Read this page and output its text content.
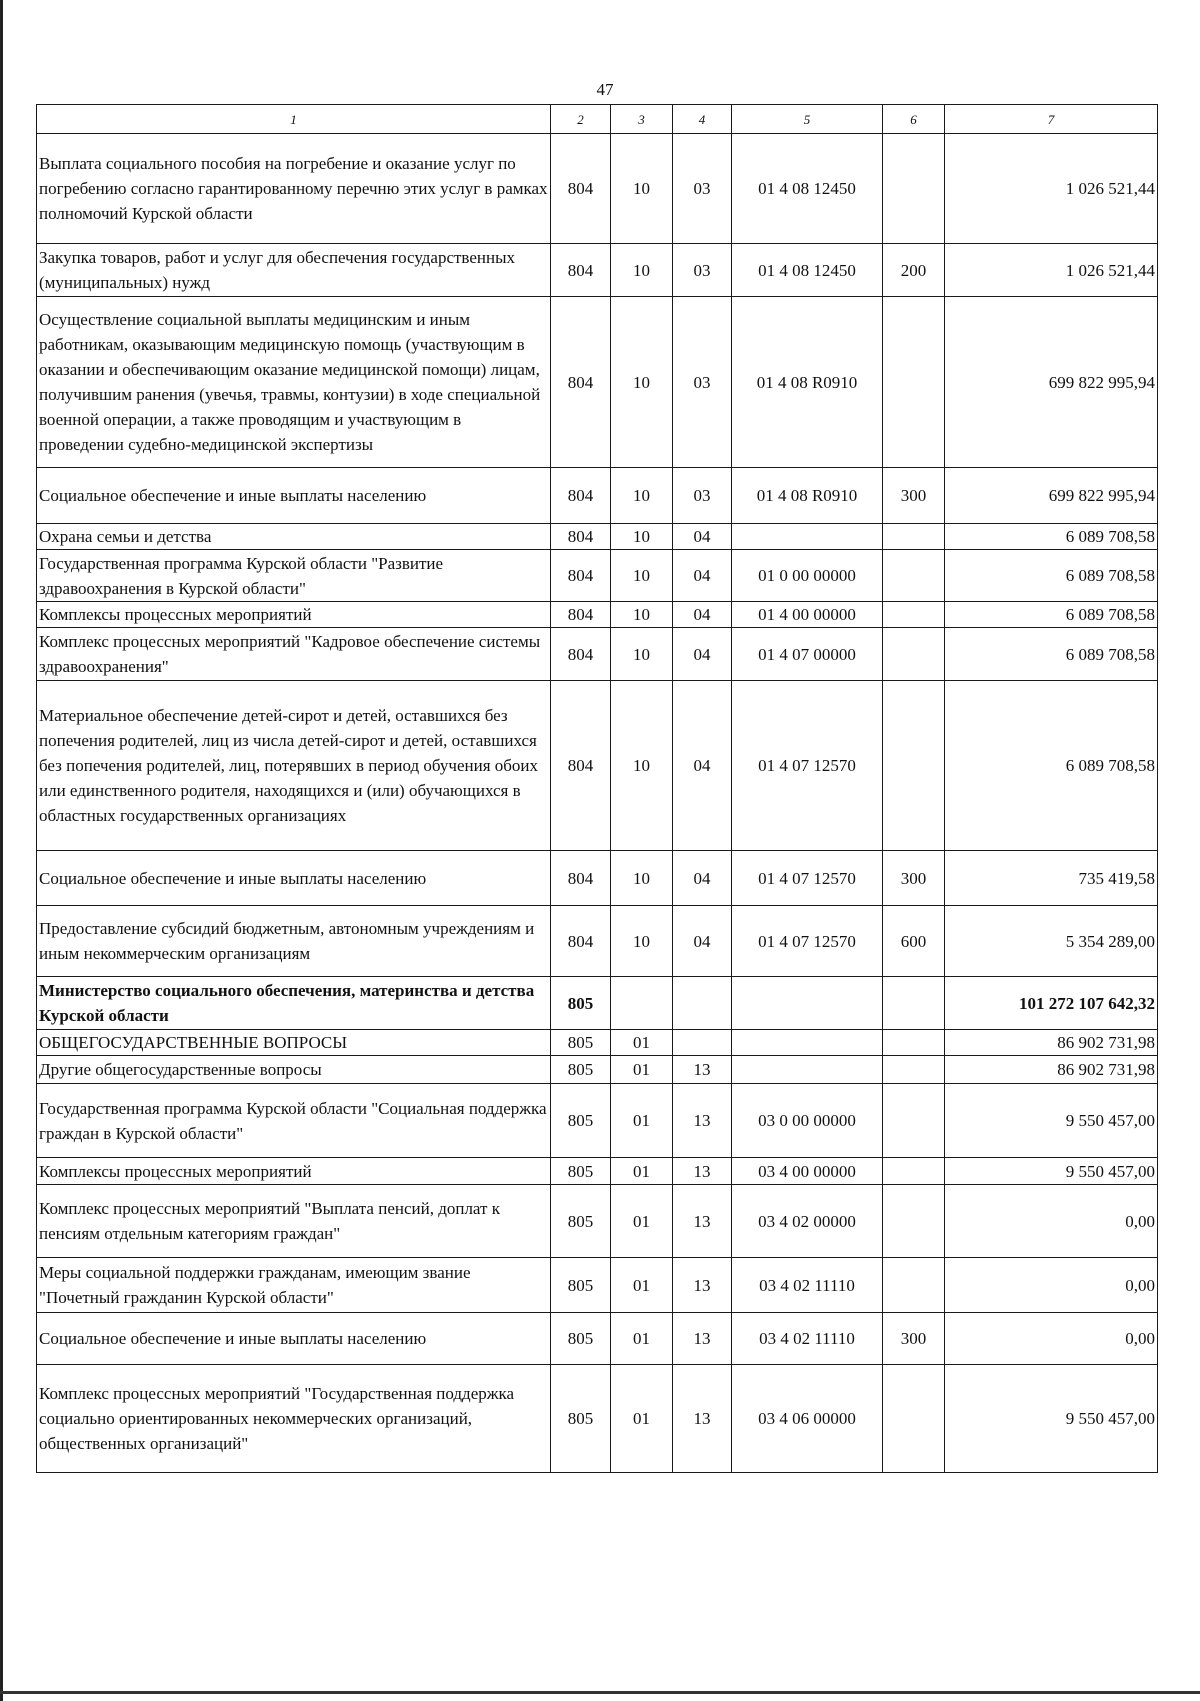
47
1	2	3	4	5	6	7
Выплата социального пособия на погребение и оказание услуг по погребению согласно гарантированному перечню этих услуг в рамках полномочий Курской области	804	10	03	01 4 08 12450		1 026 521,44
Закупка товаров, работ и услуг для обеспечения государственных (муниципальных) нужд	804	10	03	01 4 08 12450	200	1 026 521,44
Осуществление социальной выплаты медицинским и иным работникам, оказывающим медицинскую помощь (участвующим в оказании и обеспечивающим оказание медицинской помощи) лицам, получившим ранения (увечья, травмы, контузии) в ходе специальной военной операции, а также проводящим и участвующим в проведении судебно-медицинской экспертизы	804	10	03	01 4 08 R0910		699 822 995,94
Социальное обеспечение и иные выплаты населению	804	10	03	01 4 08 R0910	300	699 822 995,94
Охрана семьи и детства	804	10	04			6 089 708,58
Государственная программа Курской области "Развитие здравоохранения в Курской области"	804	10	04	01 0 00 00000		6 089 708,58
Комплексы процессных мероприятий	804	10	04	01 4 00 00000		6 089 708,58
Комплекс процессных мероприятий "Кадровое обеспечение системы здравоохранения"	804	10	04	01 4 07 00000		6 089 708,58
Материальное обеспечение детей-сирот и детей, оставшихся без попечения родителей, лиц из числа детей-сирот и детей, оставшихся без попечения родителей, лиц, потерявших в период обучения обоих или единственного родителя, находящихся и (или) обучающихся в областных государственных организациях	804	10	04	01 4 07 12570		6 089 708,58
Социальное обеспечение и иные выплаты населению	804	10	04	01 4 07 12570	300	735 419,58
Предоставление субсидий бюджетным, автономным учреждениям и иным некоммерческим организациям	804	10	04	01 4 07 12570	600	5 354 289,00
Министерство социального обеспечения, материнства и детства Курской области	805					101 272 107 642,32
ОБЩЕГОСУДАРСТВЕННЫЕ ВОПРОСЫ	805	01				86 902 731,98
Другие общегосударственные вопросы	805	01	13			86 902 731,98
Государственная программа Курской области "Социальная поддержка граждан в Курской области"	805	01	13	03 0 00 00000		9 550 457,00
Комплексы процессных мероприятий	805	01	13	03 4 00 00000		9 550 457,00
Комплекс процессных мероприятий "Выплата пенсий, доплат к пенсиям отдельным категориям граждан"	805	01	13	03 4 02 00000		0,00
Меры социальной поддержки гражданам, имеющим звание "Почетный гражданин Курской области"	805	01	13	03 4 02 11110		0,00
Социальное обеспечение и иные выплаты населению	805	01	13	03 4 02 11110	300	0,00
Комплекс процессных мероприятий "Государственная поддержка социально ориентированных некоммерческих организаций, общественных организаций"	805	01	13	03 4 06 00000		9 550 457,00
